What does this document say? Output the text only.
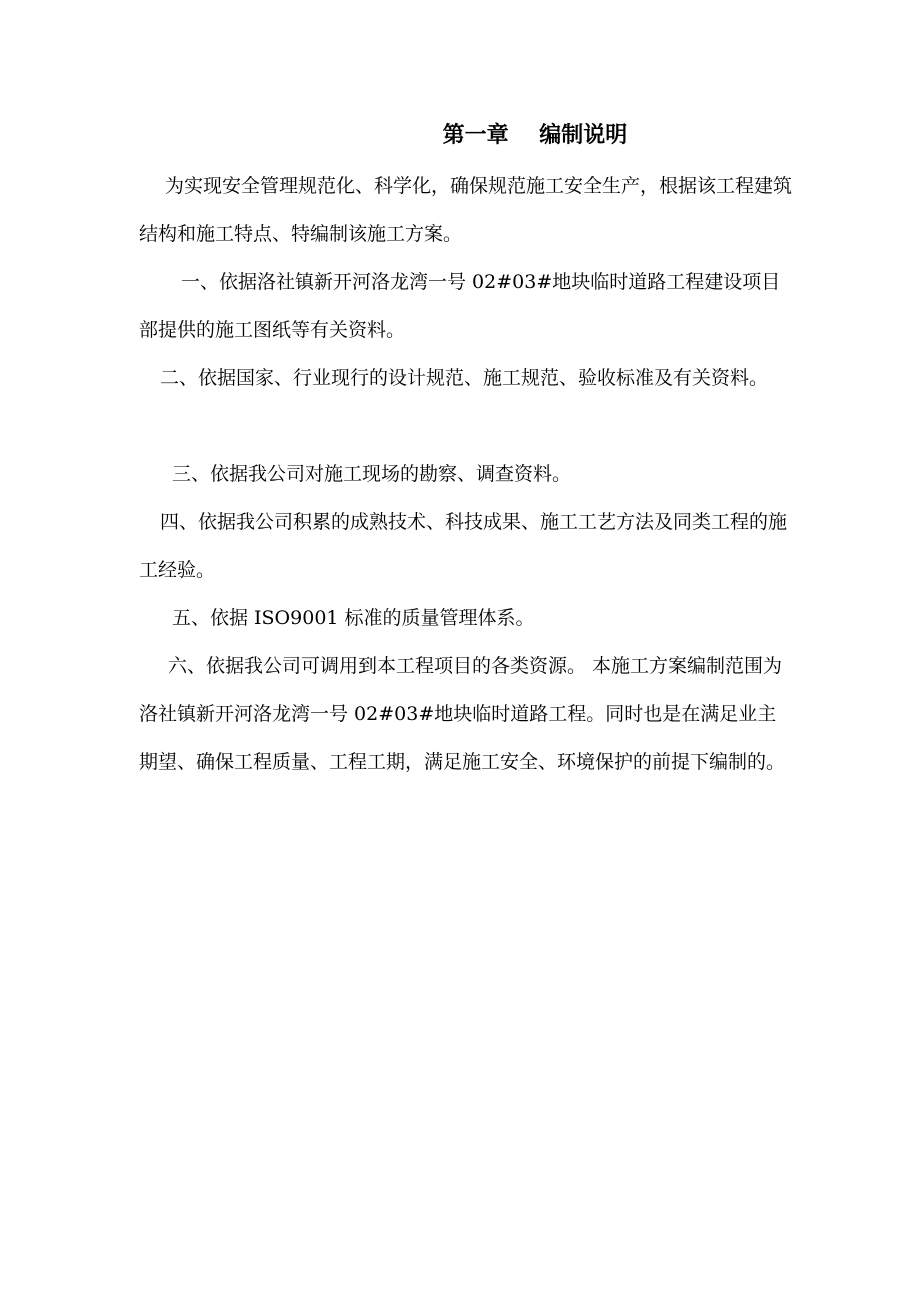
第一章    编制说明

为实现安全管理规范化、科学化，确保规范施工安全生产，根据该工程建筑结构和施工特点、特编制该施工方案。

一、依据洛社镇新开河洛龙湾一号 02#03#地块临时道路工程建设项目部提供的施工图纸等有关资料。

二、依据国家、行业现行的设计规范、施工规范、验收标准及有关资料。

三、依据我公司对施工现场的勘察、调查资料。

四、依据我公司积累的成熟技术、科技成果、施工工艺方法及同类工程的施工经验。

五、依据 ISO9001 标准的质量管理体系。

六、依据我公司可调用到本工程项目的各类资源。 本施工方案编制范围为洛社镇新开河洛龙湾一号 02#03#地块临时道路工程。同时也是在满足业主期望、确保工程质量、工程工期，满足施工安全、环境保护的前提下编制的。
